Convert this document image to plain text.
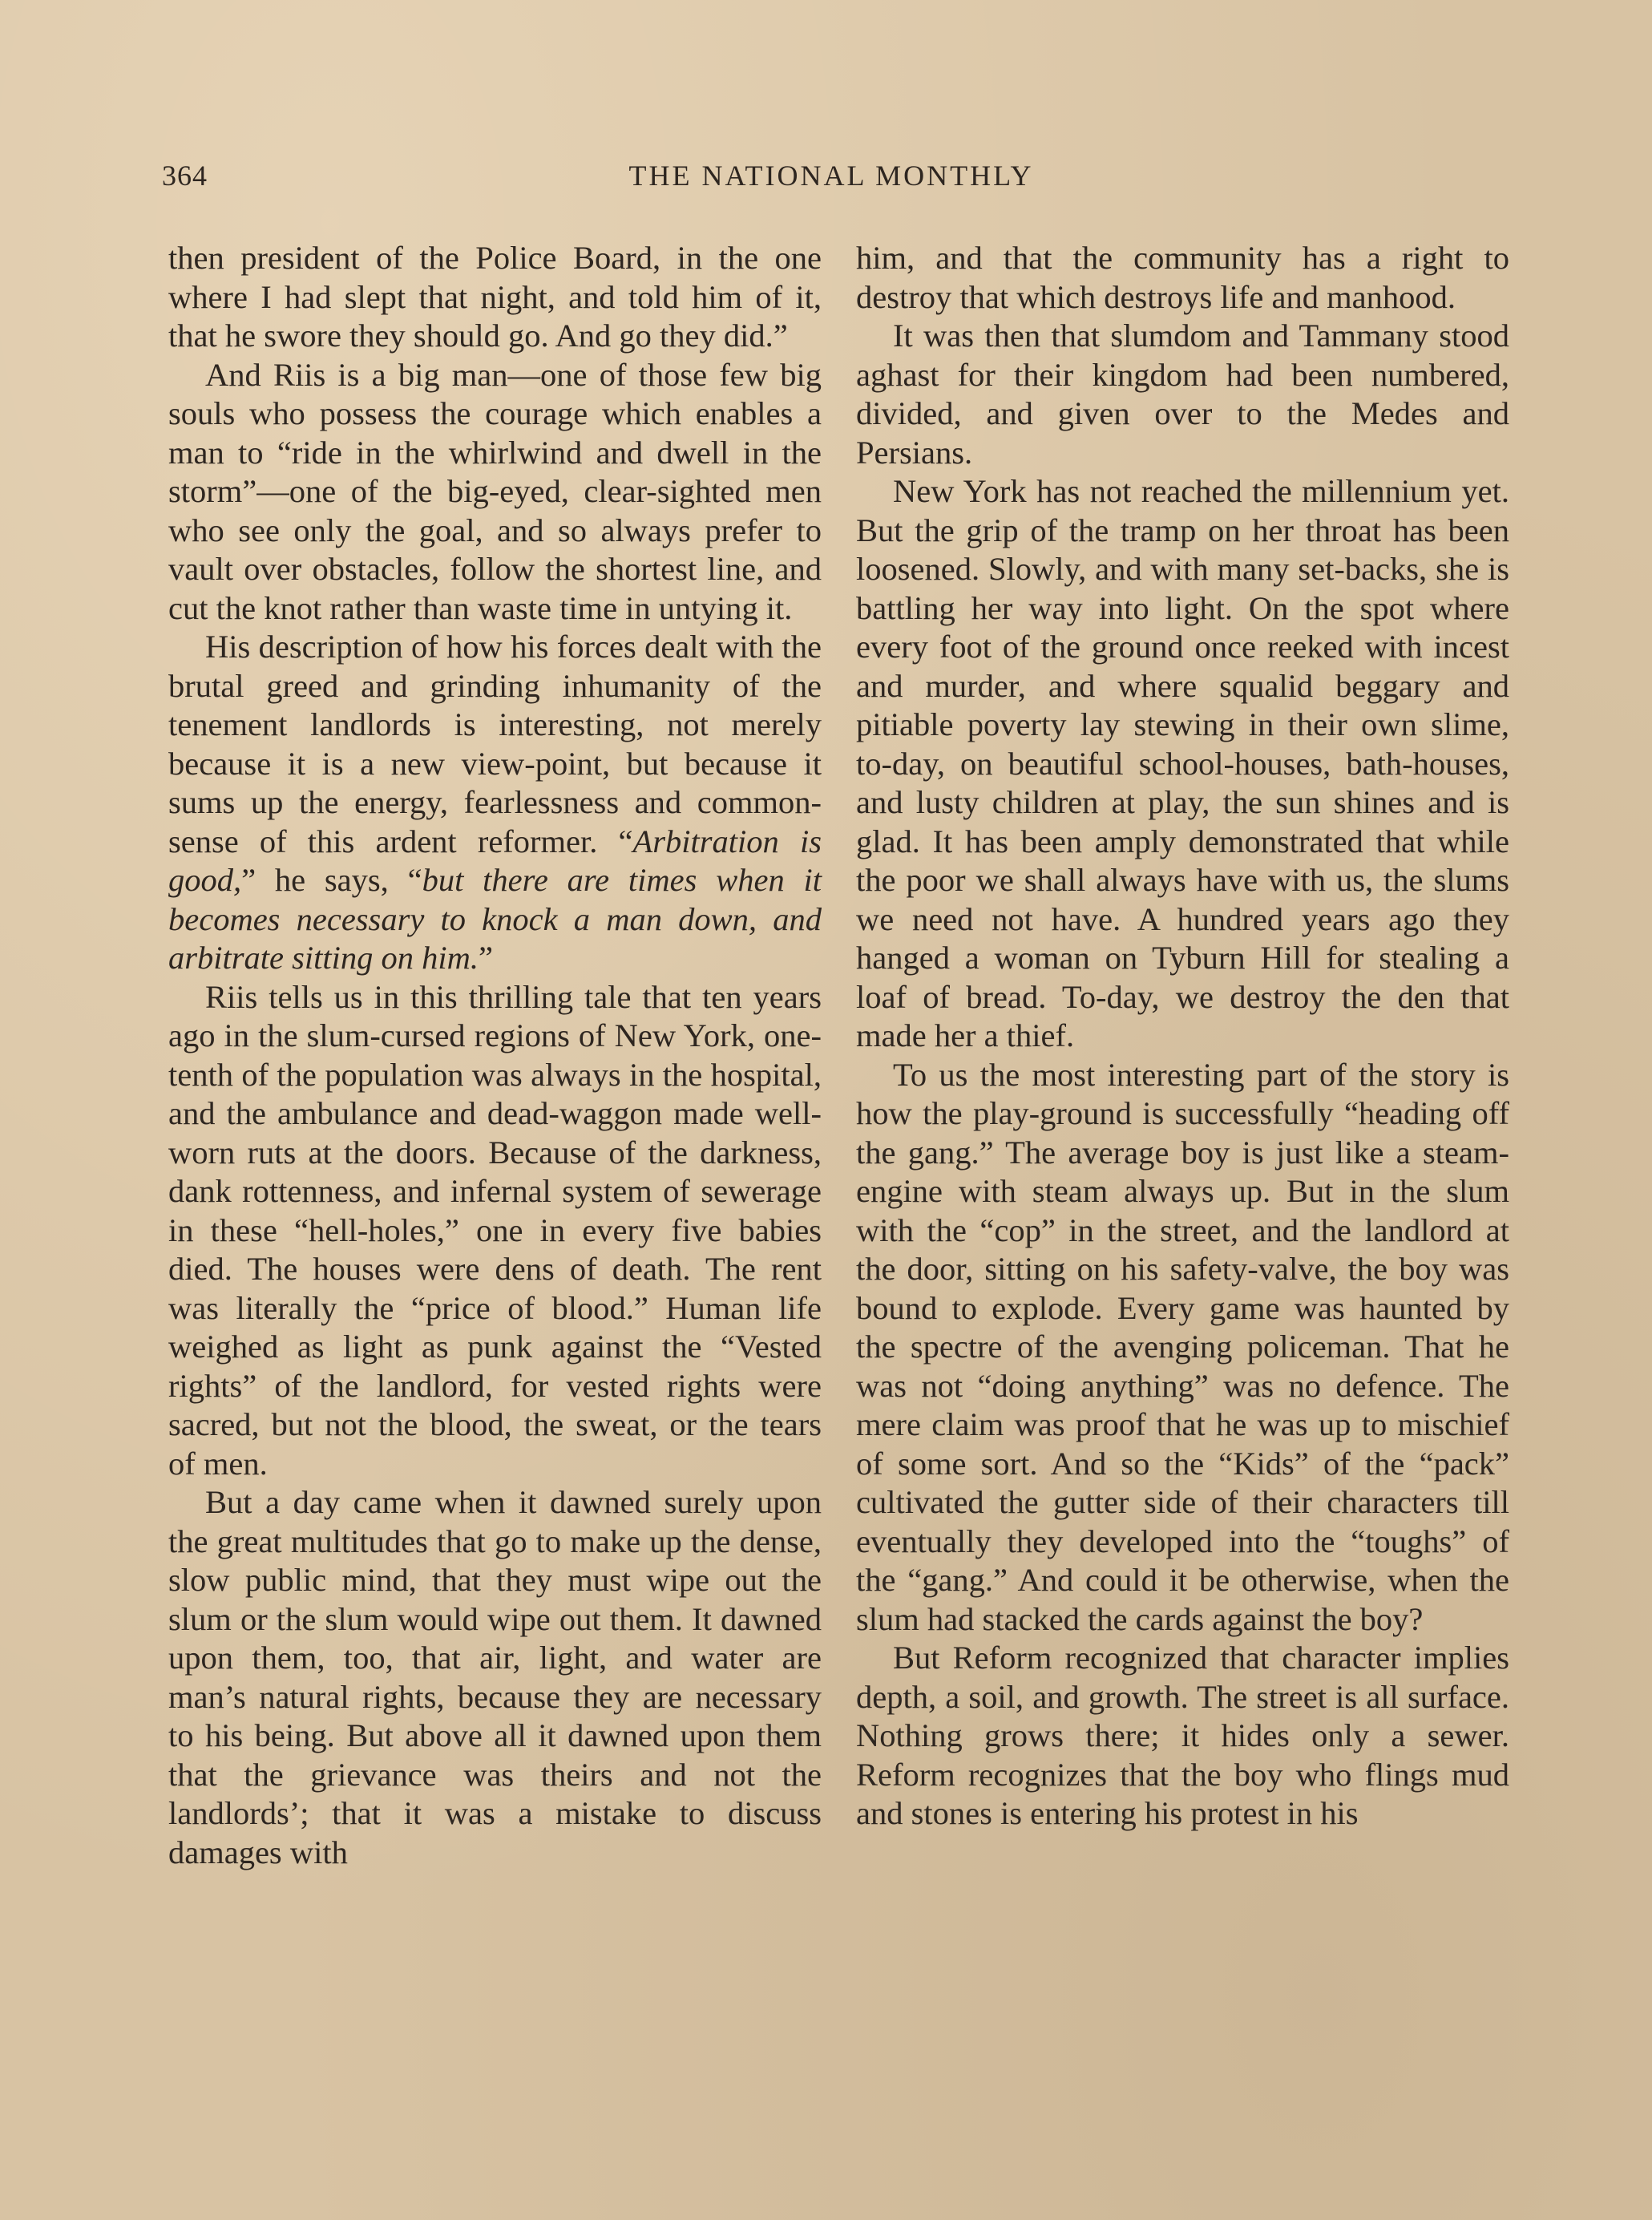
364	THE NATIONAL MONTHLY

then president of the Police Board, in the one where I had slept that night, and told him of it, that he swore they should go. And go they did.”

And Riis is a big man—one of those few big souls who possess the courage which enables a man to “ride in the whirlwind and dwell in the storm”—one of the big-eyed, clear-sighted men who see only the goal, and so always prefer to vault over obstacles, follow the shortest line, and cut the knot rather than waste time in untying it.

His description of how his forces dealt with the brutal greed and grinding inhumanity of the tenement landlords is interesting, not merely because it is a new view-point, but because it sums up the energy, fearlessness and common-sense of this ardent reformer. “Arbitration is good,” he says, “but there are times when it becomes necessary to knock a man down, and arbitrate sitting on him.”

Riis tells us in this thrilling tale that ten years ago in the slum-cursed regions of New York, one-tenth of the population was always in the hospital, and the ambulance and dead-waggon made well-worn ruts at the doors. Because of the darkness, dank rottenness, and infernal system of sewerage in these “hell-holes,” one in every five babies died. The houses were dens of death. The rent was literally the “price of blood.” Human life weighed as light as punk against the “Vested rights” of the landlord, for vested rights were sacred, but not the blood, the sweat, or the tears of men.

But a day came when it dawned surely upon the great multitudes that go to make up the dense, slow public mind, that they must wipe out the slum or the slum would wipe out them. It dawned upon them, too, that air, light, and water are man’s natural rights, because they are necessary to his being. But above all it dawned upon them that the grievance was theirs and not the landlords’; that it was a mistake to discuss damages with

him, and that the community has a right to destroy that which destroys life and manhood.

It was then that slumdom and Tammany stood aghast for their kingdom had been numbered, divided, and given over to the Medes and Persians.

New York has not reached the millennium yet. But the grip of the tramp on her throat has been loosened. Slowly, and with many set-backs, she is battling her way into light. On the spot where every foot of the ground once reeked with incest and murder, and where squalid beggary and pitiable poverty lay stewing in their own slime, to-day, on beautiful school-houses, bath-houses, and lusty children at play, the sun shines and is glad. It has been amply demonstrated that while the poor we shall always have with us, the slums we need not have. A hundred years ago they hanged a woman on Tyburn Hill for stealing a loaf of bread. To-day, we destroy the den that made her a thief.

To us the most interesting part of the story is how the play-ground is successfully “heading off the gang.” The average boy is just like a steam-engine with steam always up. But in the slum with the “cop” in the street, and the landlord at the door, sitting on his safety-valve, the boy was bound to explode. Every game was haunted by the spectre of the avenging policeman. That he was not “doing anything” was no defence. The mere claim was proof that he was up to mischief of some sort. And so the “Kids” of the “pack” cultivated the gutter side of their characters till eventually they developed into the “toughs” of the “gang.” And could it be otherwise, when the slum had stacked the cards against the boy?

But Reform recognized that character implies depth, a soil, and growth. The street is all surface. Nothing grows there; it hides only a sewer. Reform recognizes that the boy who flings mud and stones is entering his protest in his
